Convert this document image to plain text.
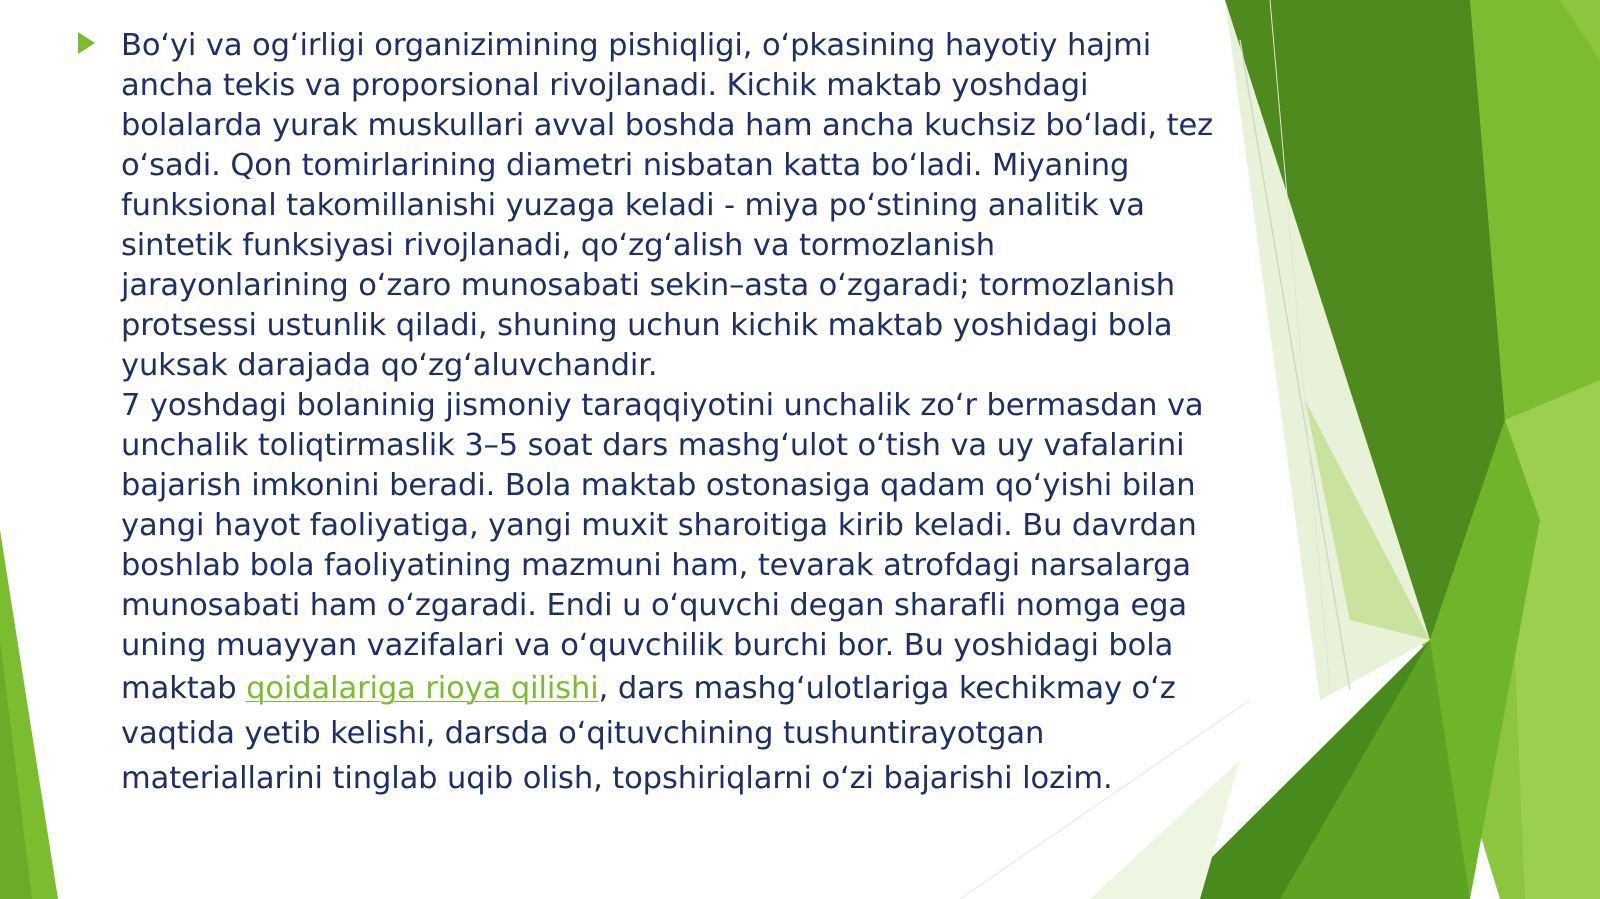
Bo‘yi va og‘irligi organizimining pishiqligi, o‘pkasining hayotiy hajmi ancha tekis va proporsional rivojlanadi. Kichik maktab yoshdagi bolalarda yurak muskullari avval boshda ham ancha kuchsiz bo‘ladi, tez o‘sadi. Qon tomirlarining diametri nisbatan katta bo‘ladi. Miyaning funksional takomillanishi yuzaga keladi - miya po‘stining analitik va sintetik funksiyasi rivojlanadi, qo‘zg‘alish va tormozlanish jarayonlarining o‘zaro munosabati sekin–asta o‘zgaradi; tormozlanish protsessi ustunlik qiladi, shuning uchun kichik maktab yoshidagi bola yuksak darajada qo‘zg‘aluvchandir.
7 yoshdagi bolaninig jismoniy taraqqiyotini unchalik zo‘r bermasdan va unchalik toliqtirmaslik 3–5 soat dars mashg‘ulot o‘tish va uy vafalarini bajarish imkonini beradi. Bola maktab ostonasiga qadam qo‘yishi bilan yangi hayot faoliyatiga, yangi muxit sharoitiga kirib keladi. Bu davrdan boshlab bola faoliyatining mazmuni ham, tevarak atrofdagi narsalarga munosabati ham o‘zgaradi. Endi u o‘quvchi degan sharafli nomga ega uning muayyan vazifalari va o‘quvchilik burchi bor. Bu yoshidagi bola maktab qoidalariga rioya qilishi, dars mashg‘ulotlariga kechikmay o‘z vaqtida yetib kelishi, darsda o‘qituvchining tushuntirayotgan materiallarini tinglab uqib olish, topshiriqlarni o‘zi bajarishi lozim.
